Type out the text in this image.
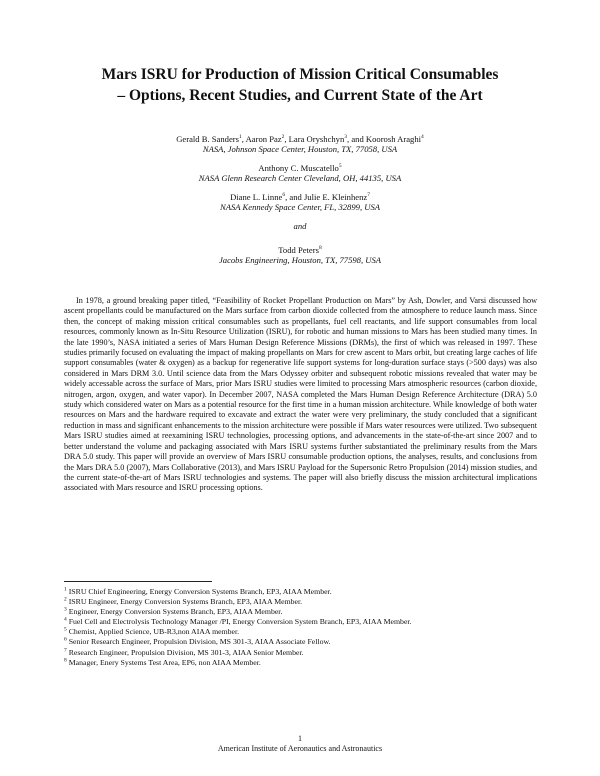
Mars ISRU for Production of Mission Critical Consumables
– Options, Recent Studies, and Current State of the Art
Gerald B. Sanders$^1$, Aaron Paz$^2$, Lara Oryshchyn$^3$, and Koorosh Araghi$^4$
NASA, Johnson Space Center, Houston, TX, 77058, USA
Anthony C. Muscatello$^5$
NASA Glenn Research Center Cleveland, OH, 44135, USA
Diane L. Linne$^6$, and Julie E. Kleinhenz$^7$
NASA Kennedy Space Center, FL, 32899, USA
and
Todd Peters$^8$
Jacobs Engineering, Houston, TX, 77598, USA

In 1978, a ground breaking paper titled, “Feasibility of Rocket Propellant Production on Mars” by Ash, Dowler, and Varsi discussed how ascent propellants could be manufactured on the Mars surface from carbon dioxide collected from the atmosphere to reduce launch mass. Since then, the concept of making mission critical consumables such as propellants, fuel cell reactants, and life support consumables from local resources, commonly known as In-Situ Resource Utilization (ISRU), for robotic and human missions to Mars has been studied many times. In the late 1990’s, NASA initiated a series of Mars Human Design Reference Missions (DRMs), the first of which was released in 1997. These studies primarily focused on evaluating the impact of making propellants on Mars for crew ascent to Mars orbit, but creating large caches of life support consumables (water & oxygen) as a backup for regenerative life support systems for long-duration surface stays (>500 days) was also considered in Mars DRM 3.0. Until science data from the Mars Odyssey orbiter and subsequent robotic missions revealed that water may be widely accessable across the surface of Mars, prior Mars ISRU studies were limited to processing Mars atmospheric resources (carbon dioxide, nitrogen, argon, oxygen, and water vapor). In December 2007, NASA completed the Mars Human Design Reference Architecture (DRA) 5.0 study which considered water on Mars as a potential resource for the first time in a human mission architecture. While knowledge of both water resources on Mars and the hardware required to excavate and extract the water were very preliminary, the study concluded that a significant reduction in mass and significant enhancements to the mission architecture were possible if Mars water resources were utilized. Two subsequent Mars ISRU studies aimed at reexamining ISRU technologies, processing options, and advancements in the state-of-the-art since 2007 and to better understand the volume and packaging associated with Mars ISRU systems further substantiated the preliminary results from the Mars DRA 5.0 study. This paper will provide an overview of Mars ISRU consumable production options, the analyses, results, and conclusions from the Mars DRA 5.0 (2007), Mars Collaborative (2013), and Mars ISRU Payload for the Supersonic Retro Propulsion (2014) mission studies, and the current state-of-the-art of Mars ISRU technologies and systems. The paper will also briefly discuss the mission architectural implications associated with Mars resource and ISRU processing options.

$^1$ ISRU Chief Engineering, Energy Conversion Systems Branch, EP3, AIAA Member.
$^2$ ISRU Engineer, Energy Conversion Systems Branch, EP3, AIAA Member.
$^3$ Engineer, Energy Conversion Systems Branch, EP3, AIAA Member.
$^4$ Fuel Cell and Electrolysis Technology Manager /PI, Energy Conversion System Branch, EP3, AIAA Member.
$^5$ Chemist, Applied Science, UB-R3,non AIAA member.
$^6$ Senior Research Engineer, Propulsion Division, MS 301-3, AIAA Associate Fellow.
$^7$ Research Engineer, Propulsion Division, MS 301-3, AIAA Senior Member.
$^8$ Manager, Enery Systems Test Area, EP6, non AIAA Member.
1
American Institute of Aeronautics and Astronautics
